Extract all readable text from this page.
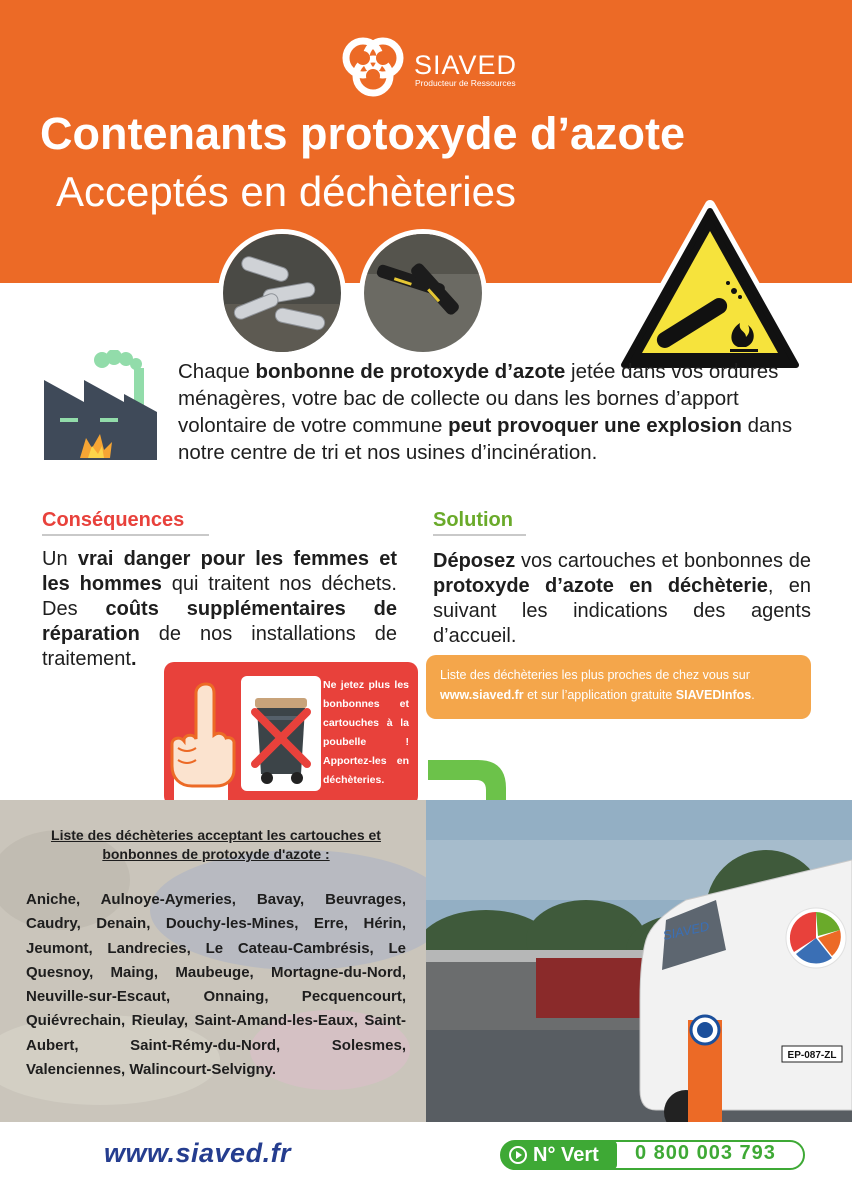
SIAVED
Producteur de Ressources
Contenants protoxyde d’azote
Acceptés en déchèteries
Chaque bonbonne de protoxyde d’azote jetée dans vos ordures ménagères, votre bac de collecte ou dans les bornes d’apport volontaire de votre commune peut provoquer une explosion dans notre centre de tri et nos usines d’incinération.
Conséquences
Un vrai danger pour les femmes et les hommes qui traitent nos déchets. Des coûts supplémentaires de réparation de nos installations de traitement.
Solution
Déposez vos cartouches et bonbonnes de protoxyde d’azote en déchèterie, en suivant les indications des agents d’accueil.
Liste des déchèteries les plus proches de chez vous sur www.siaved.fr et sur l’application gratuite SIAVEDInfos.
Ne jetez plus les bonbonnes et cartouches à la poubelle ! Apportez-les en déchèteries.
Liste des déchèteries acceptant les cartouches et bonbonnes de protoxyde d'azote :
Aniche, Aulnoye-Aymeries, Bavay, Beuvrages, Caudry, Denain, Douchy-les-Mines, Erre, Hérin, Jeumont, Landrecies, Le Cateau-Cambrésis, Le Quesnoy, Maing, Maubeuge, Mortagne-du-Nord, Neuville-sur-Escaut, Onnaing, Pecquencourt, Quiévrechain, Rieulay, Saint-Amand-les-Eaux, Saint-Aubert, Saint-Rémy-du-Nord, Solesmes, Valenciennes, Walincourt-Selvigny.
EP-087-ZL
SIAVED
www.siaved.fr	N° Vert 0 800 003 793
